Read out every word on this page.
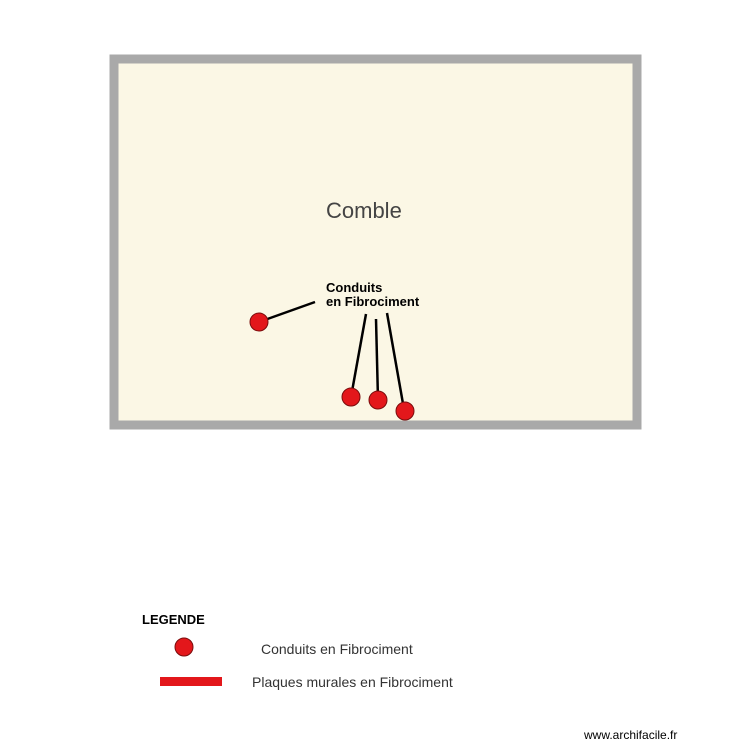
Comble
Conduits
en Fibrociment
LEGENDE
Conduits en Fibrociment
Plaques murales en Fibrociment
www.archifacile.fr
